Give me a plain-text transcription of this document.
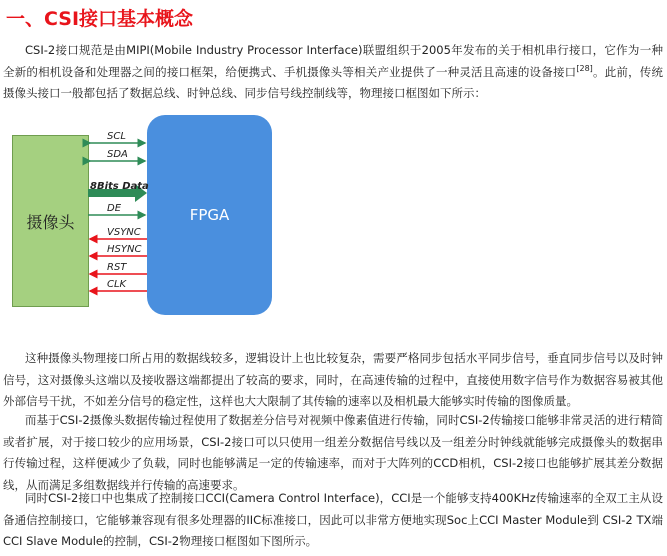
一、CSI接口基本概念

CSI-2接口规范是由MIPI(Mobile Industry Processor Interface)联盟组织于2005年发布的关于相机串行接口，它作为一种全新的相机设备和处理器之间的接口框架，给便携式、手机摄像头等相关产业提供了一种灵活且高速的设备接口[28]。此前，传统摄像头接口一般都包括了数据总线、时钟总线、同步信号线控制线等，物理接口框图如下所示：

摄像头	FPGA
SCL
SDA
8Bits Data
DE
VSYNC
HSYNC
RST
CLK

这种摄像头物理接口所占用的数据线较多，逻辑设计上也比较复杂，需要严格同步包括水平同步信号，垂直同步信号以及时钟信号，这对摄像头这端以及接收器这端都提出了较高的要求，同时，在高速传输的过程中，直接使用数字信号作为数据容易被其他外部信号干扰，不如差分信号的稳定性，这样也大大限制了其传输的速率以及相机最大能够实时传输的图像质量。

而基于CSI-2摄像头数据传输过程使用了数据差分信号对视频中像素值进行传输，同时CSI-2传输接口能够非常灵活的进行精简或者扩展，对于接口较少的应用场景，CSI-2接口可以只使用一组差分数据信号线以及一组差分时钟线就能够完成摄像头的数据串行传输过程，这样便减少了负载，同时也能够满足一定的传输速率，而对于大阵列的CCD相机，CSI-2接口也能够扩展其差分数据线，从而满足多组数据线并行传输的高速要求。

同时CSI-2接口中也集成了控制接口CCI(Camera Control Interface)，CCI是一个能够支持400KHz传输速率的全双工主从设备通信控制接口，它能够兼容现有很多处理器的IIC标准接口，因此可以非常方便地实现Soc上CCI Master Module到 CSI-2 TX端CCI Slave Module的控制，CSI-2物理接口框图如下图所示。
